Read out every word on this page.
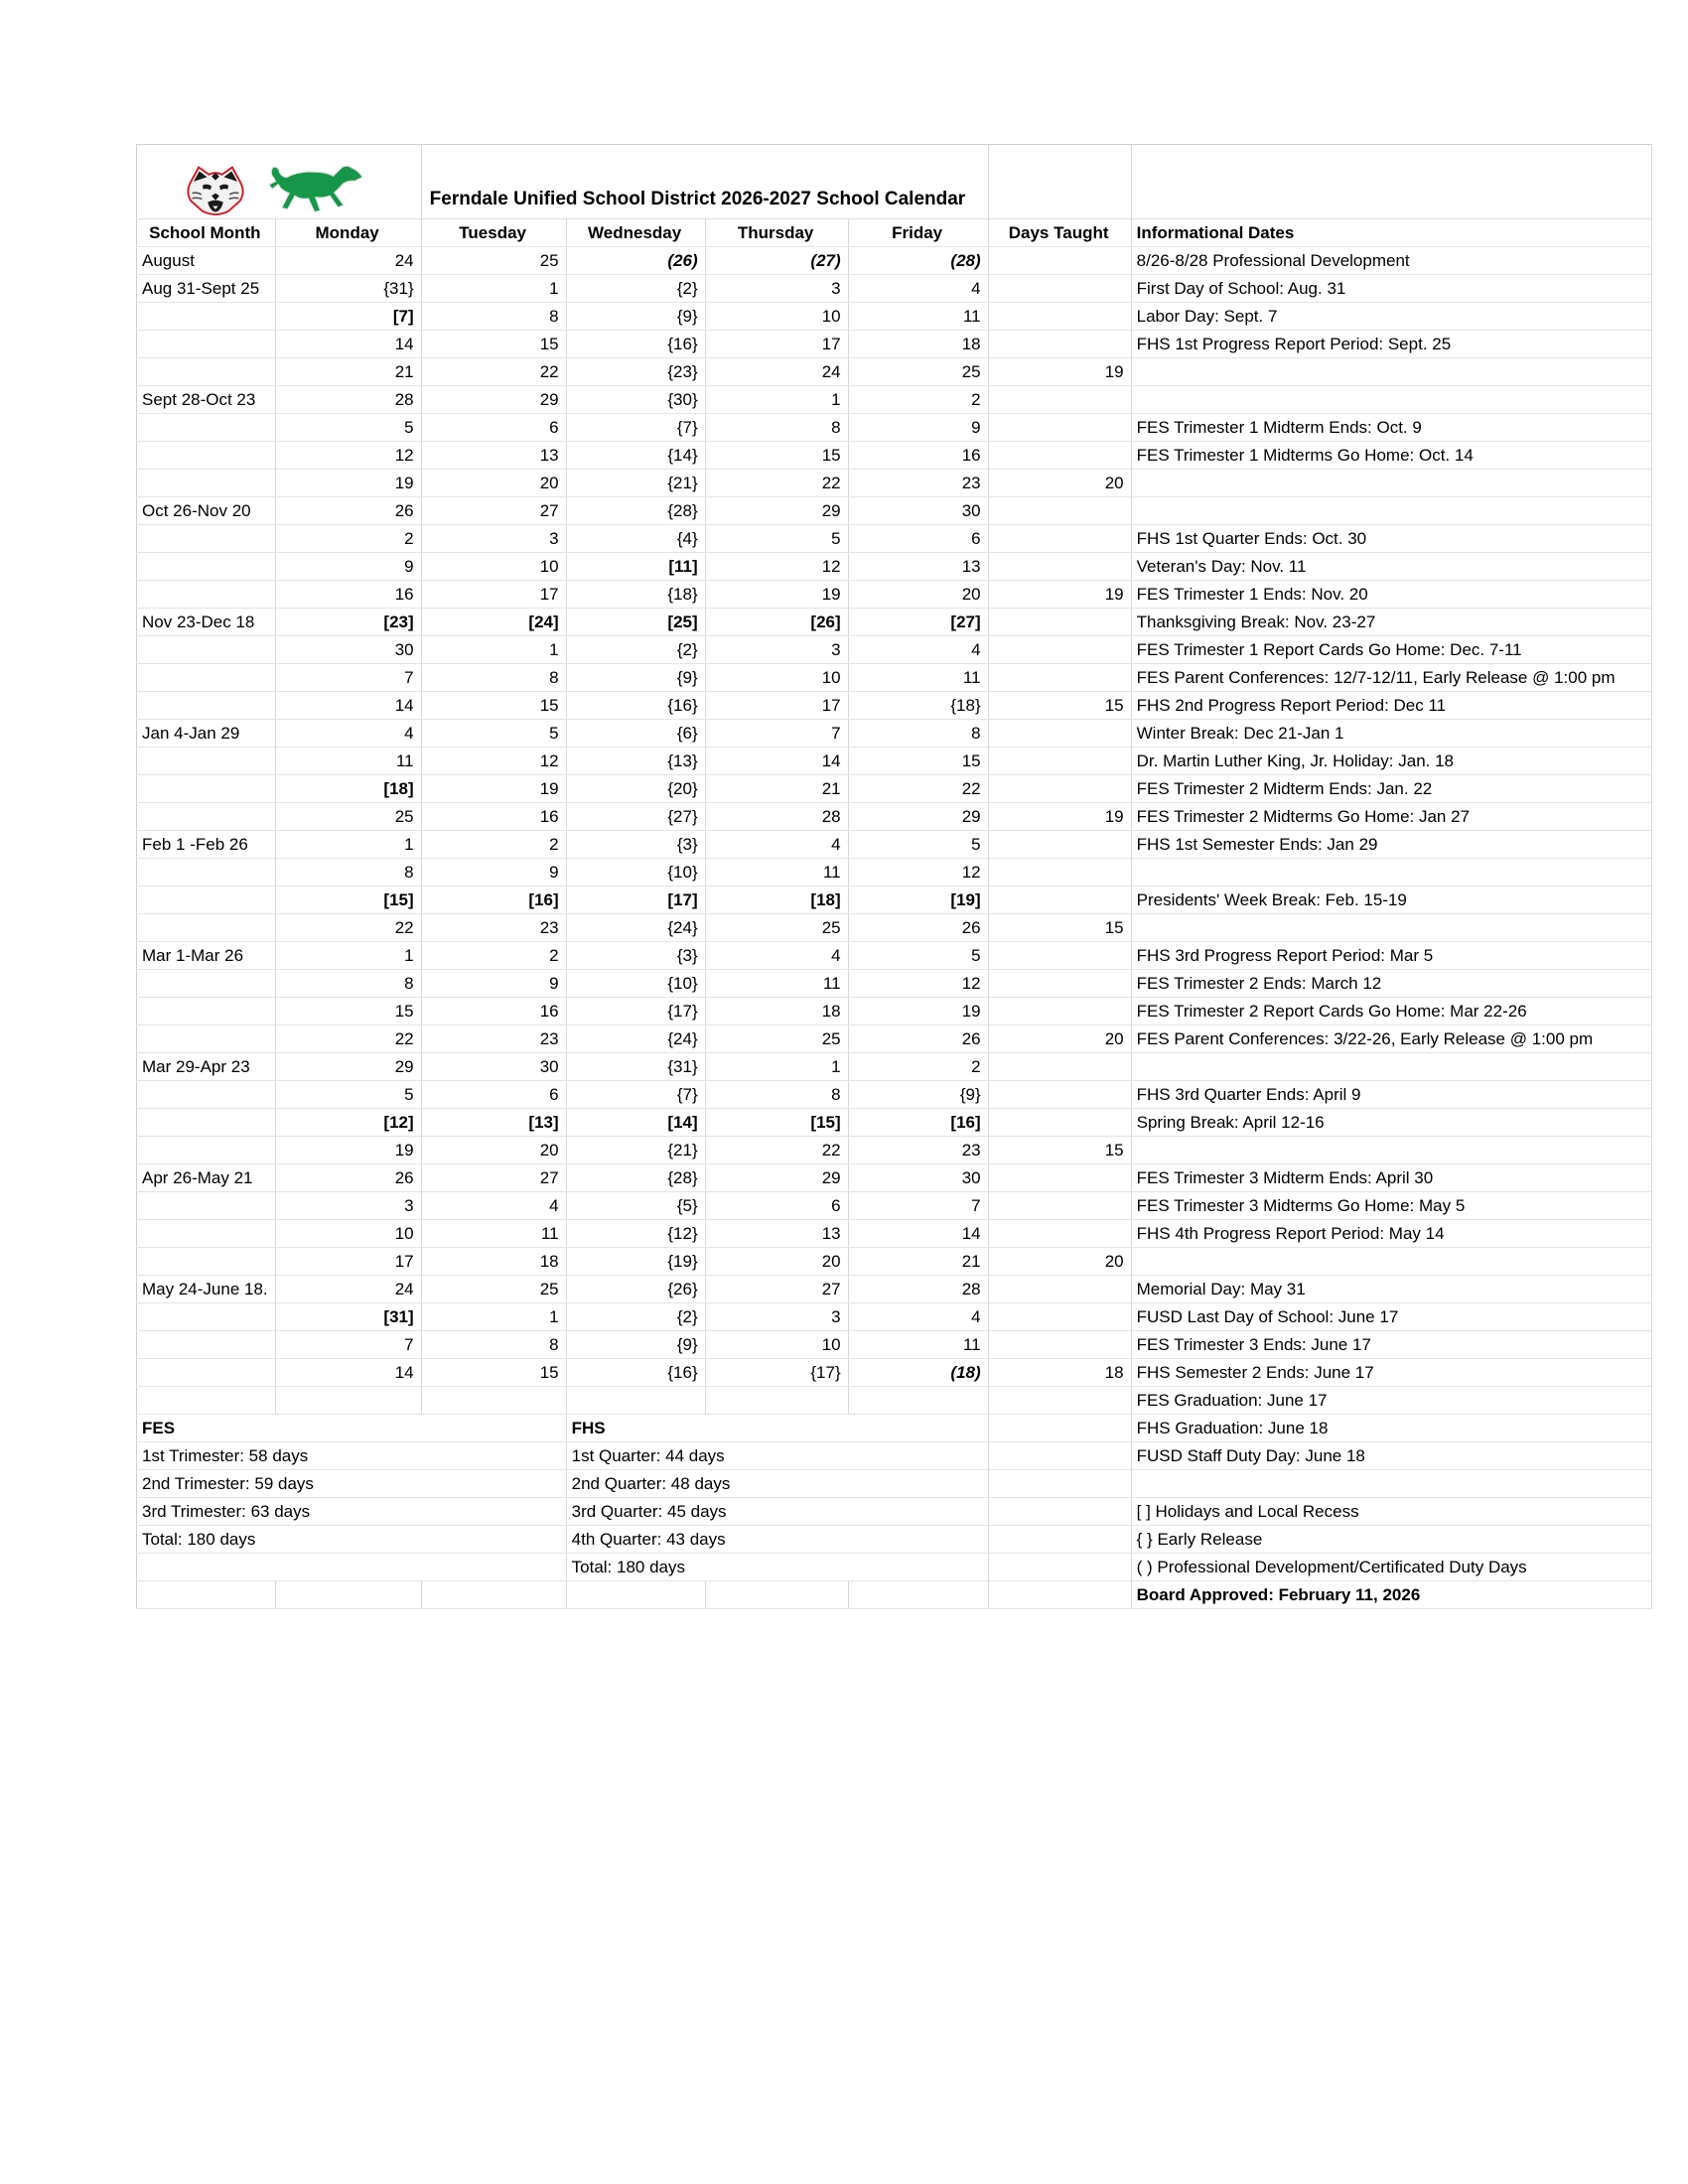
		Ferndale Unified School District 2026-2027 School Calendar					

School Month	Monday	Tuesday	Wednesday	Thursday	Friday	Days Taught	Informational Dates
August	24	25	(26)	(27)	(28)		8/26-8/28 Professional Development
Aug 31-Sept 25	{31}	1	{2}	3	4		First Day of School: Aug. 31
	[7]	8	{9}	10	11		Labor Day: Sept. 7
	14	15	{16}	17	18		FHS 1st Progress Report Period: Sept. 25
	21	22	{23}	24	25	19	
Sept 28-Oct 23	28	29	{30}	1	2		
	5	6	{7}	8	9		FES Trimester 1 Midterm Ends: Oct. 9
	12	13	{14}	15	16		FES Trimester 1 Midterms Go Home: Oct. 14
	19	20	{21}	22	23	20	
Oct 26-Nov 20	26	27	{28}	29	30		
	2	3	{4}	5	6		FHS 1st Quarter Ends: Oct. 30
	9	10	[11]	12	13		Veteran's Day: Nov. 11
	16	17	{18}	19	20	19	FES Trimester 1 Ends: Nov. 20
Nov 23-Dec 18	[23]	[24]	[25]	[26]	[27]		Thanksgiving Break: Nov. 23-27
	30	1	{2}	3	4		FES Trimester 1 Report Cards Go Home: Dec. 7-11
	7	8	{9}	10	11		FES Parent Conferences: 12/7-12/11, Early Release @ 1:00 pm
	14	15	{16}	17	{18}	15	FHS 2nd Progress Report Period: Dec 11
Jan 4-Jan 29	4	5	{6}	7	8		Winter Break: Dec 21-Jan 1
	11	12	{13}	14	15		Dr. Martin Luther King, Jr. Holiday: Jan. 18
	[18]	19	{20}	21	22		FES Trimester 2 Midterm Ends: Jan. 22
	25	16	{27}	28	29	19	FES Trimester 2 Midterms Go Home: Jan 27
Feb 1 -Feb 26	1	2	{3}	4	5		FHS 1st Semester Ends: Jan 29
	8	9	{10}	11	12		
	[15]	[16]	[17]	[18]	[19]		Presidents' Week Break: Feb. 15-19
	22	23	{24}	25	26	15	
Mar 1-Mar 26	1	2	{3}	4	5		FHS 3rd Progress Report Period: Mar 5
	8	9	{10}	11	12		FES Trimester 2 Ends: March 12
	15	16	{17}	18	19		FES Trimester 2 Report Cards Go Home: Mar 22-26
	22	23	{24}	25	26	20	FES Parent Conferences: 3/22-26, Early Release @ 1:00 pm
Mar 29-Apr 23	29	30	{31}	1	2		
	5	6	{7}	8	{9}		FHS 3rd Quarter Ends: April 9
	[12]	[13]	[14]	[15]	[16]		Spring Break: April 12-16
	19	20	{21}	22	23	15	
Apr 26-May 21	26	27	{28}	29	30		FES Trimester 3 Midterm Ends: April 30
	3	4	{5}	6	7		FES Trimester 3 Midterms Go Home: May 5
	10	11	{12}	13	14		FHS 4th Progress Report Period: May 14
	17	18	{19}	20	21	20	
May 24-June 18.	24	25	{26}	27	28		Memorial Day: May 31
	[31]	1	{2}	3	4		FUSD Last Day of School: June 17
	7	8	{9}	10	11		FES Trimester 3 Ends: June 17
	14	15	{16}	{17}	(18)	18	FHS Semester 2 Ends: June 17
							FES Graduation: June 17
FES			FHS				FHS Graduation: June 18
1st Trimester: 58 days			1st Quarter: 44 days				FUSD Staff Duty Day: June 18
2nd Trimester: 59 days			2nd Quarter: 48 days				
3rd Trimester: 63 days			3rd Quarter: 45 days				[ ] Holidays and Local Recess
Total: 180 days			4th Quarter: 43 days				{ } Early Release
			Total: 180 days				( ) Professional Development/Certificated Duty Days
							Board Approved: February 11, 2026
